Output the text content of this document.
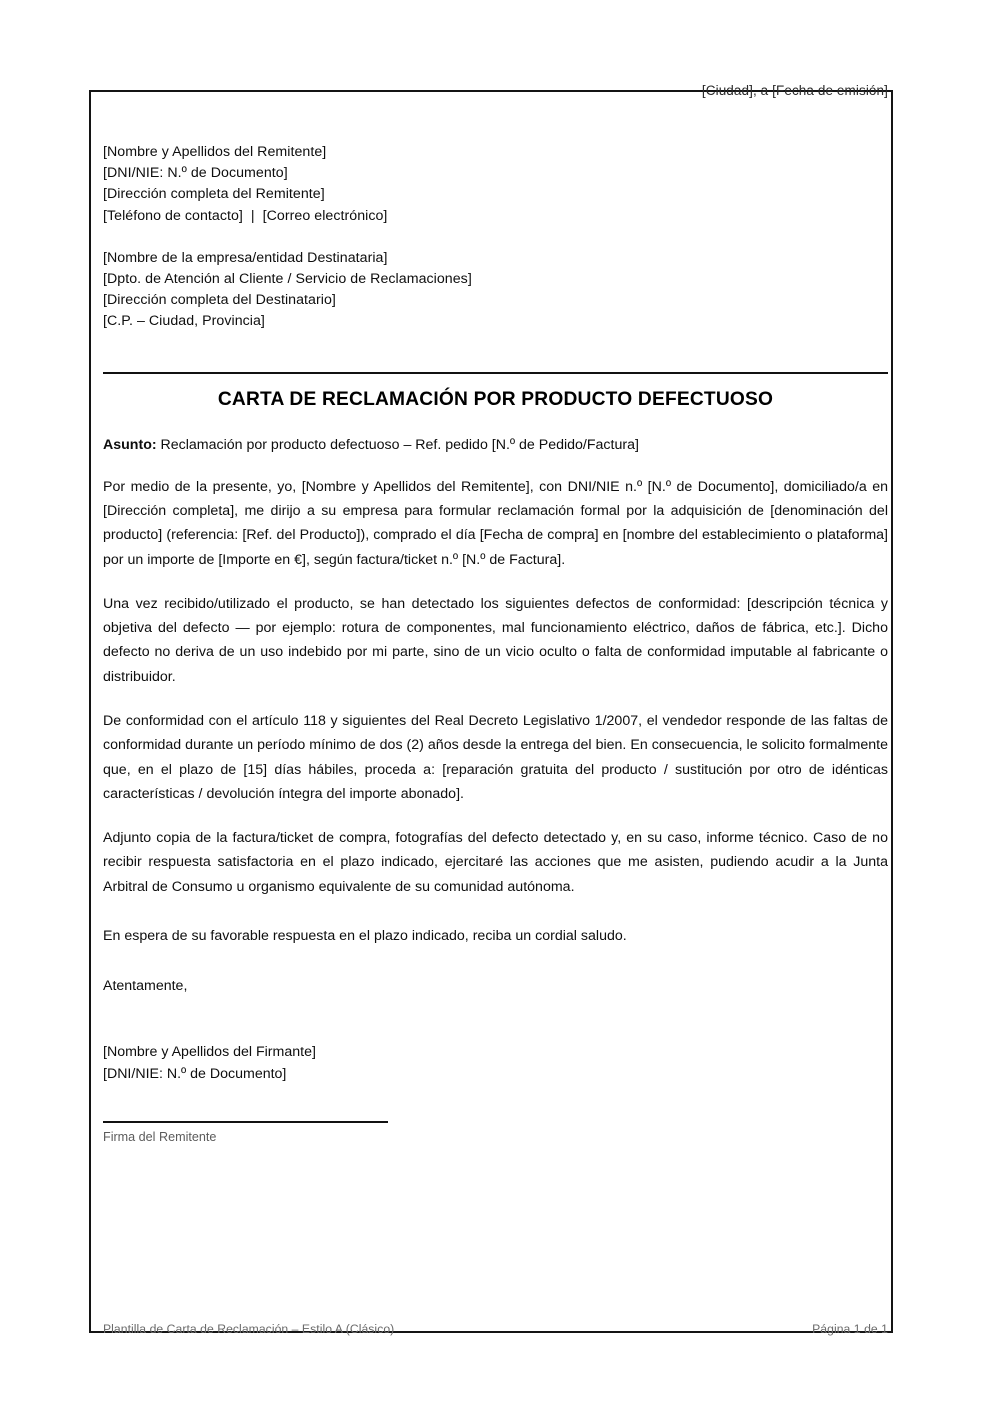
[Ciudad], a [Fecha de emisión]
[Nombre y Apellidos del Remitente]
[DNI/NIE: N.º de Documento]
[Dirección completa del Remitente]
[Teléfono de contacto]  |  [Correo electrónico]
[Nombre de la empresa/entidad Destinataria]
[Dpto. de Atención al Cliente / Servicio de Reclamaciones]
[Dirección completa del Destinatario]
[C.P. – Ciudad, Provincia]
CARTA DE RECLAMACIÓN POR PRODUCTO DEFECTUOSO
Asunto: Reclamación por producto defectuoso – Ref. pedido [N.º de Pedido/Factura]

Por medio de la presente, yo, [Nombre y Apellidos del Remitente], con DNI/NIE n.º [N.º de Documento], domiciliado/a en [Dirección completa], me dirijo a su empresa para formular reclamación formal por la adquisición de [denominación del producto] (referencia: [Ref. del Producto]), comprado el día [Fecha de compra] en [nombre del establecimiento o plataforma] por un importe de [Importe en €], según factura/ticket n.º [N.º de Factura].

Una vez recibido/utilizado el producto, se han detectado los siguientes defectos de conformidad: [descripción técnica y objetiva del defecto — por ejemplo: rotura de componentes, mal funcionamiento eléctrico, daños de fábrica, etc.]. Dicho defecto no deriva de un uso indebido por mi parte, sino de un vicio oculto o falta de conformidad imputable al fabricante o distribuidor.

De conformidad con el artículo 118 y siguientes del Real Decreto Legislativo 1/2007, el vendedor responde de las faltas de conformidad durante un período mínimo de dos (2) años desde la entrega del bien. En consecuencia, le solicito formalmente que, en el plazo de [15] días hábiles, proceda a: [reparación gratuita del producto / sustitución por otro de idénticas características / devolución íntegra del importe abonado].

Adjunto copia de la factura/ticket de compra, fotografías del defecto detectado y, en su caso, informe técnico. Caso de no recibir respuesta satisfactoria en el plazo indicado, ejercitaré las acciones que me asisten, pudiendo acudir a la Junta Arbitral de Consumo u organismo equivalente de su comunidad autónoma.

En espera de su favorable respuesta en el plazo indicado, reciba un cordial saludo.

Atentamente,
[Nombre y Apellidos del Firmante]
[DNI/NIE: N.º de Documento]
Firma del Remitente
Plantilla de Carta de Reclamación – Estilo A (Clásico)	Página 1 de 1
